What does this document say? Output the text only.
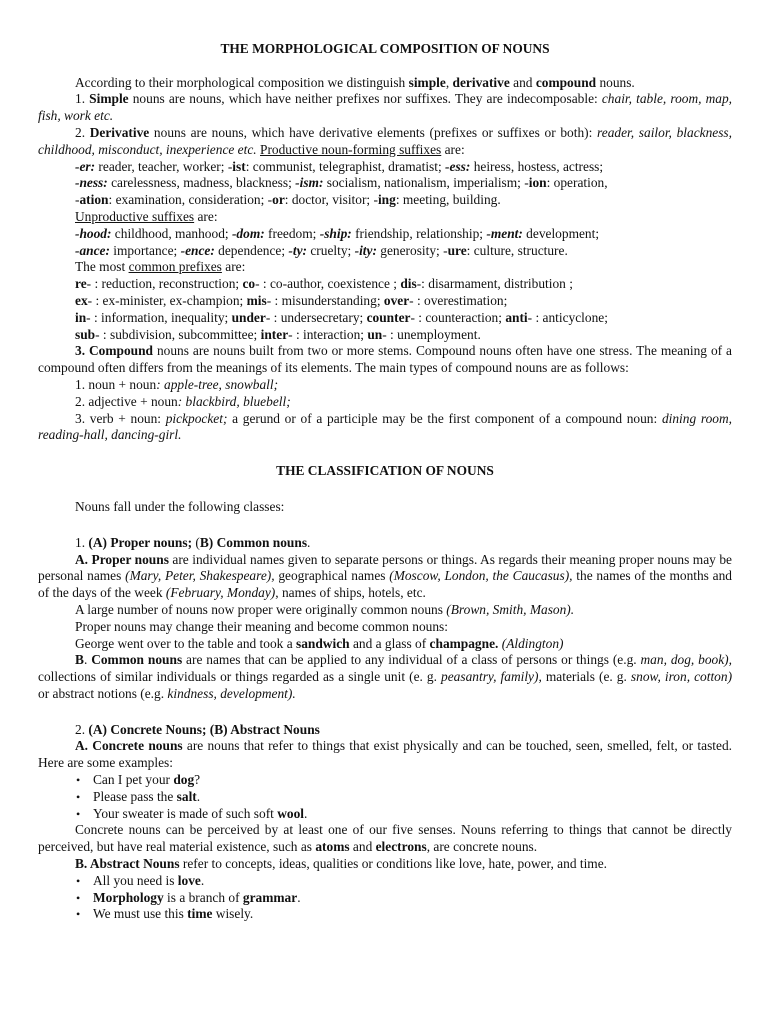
THE MORPHOLOGICAL COMPOSITION OF NOUNS

According to their morphological composition we distinguish simple, derivative and compound nouns.

1. Simple nouns are nouns, which have neither prefixes nor suffixes. They are indecomposable: chair, table, room, map, fish, work etc.

2. Derivative nouns are nouns, which have derivative elements (prefixes or suffixes or both): reader, sailor, blackness, childhood, misconduct, inexperience etc. Productive noun-forming suffixes are:

-er: reader, teacher, worker; -ist: communist, telegraphist, dramatist; -ess: heiress, hostess, actress;

-ness: carelessness, madness, blackness; -ism: socialism, nationalism, imperialism; -ion: operation,

-ation: examination, consideration; -or: doctor, visitor; -ing: meeting, building.

Unproductive suffixes are:

-hood: childhood, manhood; -dom: freedom; -ship: friendship, relationship; -ment: development;

-ance: importance; -ence: dependence; -ty: cruelty; -ity: generosity; -ure: culture, structure.

The most common prefixes are:

re- : reduction, reconstruction; co- : co-author, coexistence ; dis-: disarmament, distribution ;

ex- : ex-minister, ex-champion; mis- : misunderstanding; over- : overestimation;

in- : information, inequality; under- : undersecretary; counter- : counteraction; anti- : anticyclone;

sub- : subdivision, subcommittee; inter- : interaction; un- : unemployment.

3. Compound nouns are nouns built from two or more stems. Compound nouns often have one stress. The meaning of a compound often differs from the meanings of its elements. The main types of compound nouns are as follows:

1. noun + noun: apple-tree, snowball;

2. adjective + noun: blackbird, bluebell;

3. verb + noun: pickpocket; a gerund or of a participle may be the first component of a compound noun: dining room, reading-hall, dancing-girl.

THE CLASSIFICATION OF NOUNS

Nouns fall under the following classes:

1. (A) Proper nouns; (B) Common nouns.

A. Proper nouns are individual names given to separate persons or things. As regards their meaning proper nouns may be personal names (Mary, Peter, Shakespeare), geographical names (Moscow, London, the Caucasus), the names of the months and of the days of the week (February, Monday), names of ships, hotels, etc.

A large number of nouns now proper were originally common nouns (Brown, Smith, Mason).

Proper nouns may change their meaning and become common nouns:

George went over to the table and took a sandwich and a glass of champagne. (Aldington)

B. Common nouns are names that can be applied to any individual of a class of persons or things (e.g. man, dog, book), collections of similar individuals or things regarded as a single unit (e. g. peasantry, family), materials (e. g. snow, iron, cotton) or abstract notions (e.g. kindness, development).

2. (A) Concrete Nouns; (B) Abstract Nouns

A. Concrete nouns are nouns that refer to things that exist physically and can be touched, seen, smelled, felt, or tasted. Here are some examples:

• Can I pet your dog?
• Please pass the salt.
• Your sweater is made of such soft wool.

Concrete nouns can be perceived by at least one of our five senses. Nouns referring to things that cannot be directly perceived, but have real material existence, such as atoms and electrons, are concrete nouns.

B. Abstract Nouns refer to concepts, ideas, qualities or conditions like love, hate, power, and time.

• All you need is love.
• Morphology is a branch of grammar.
• We must use this time wisely.
